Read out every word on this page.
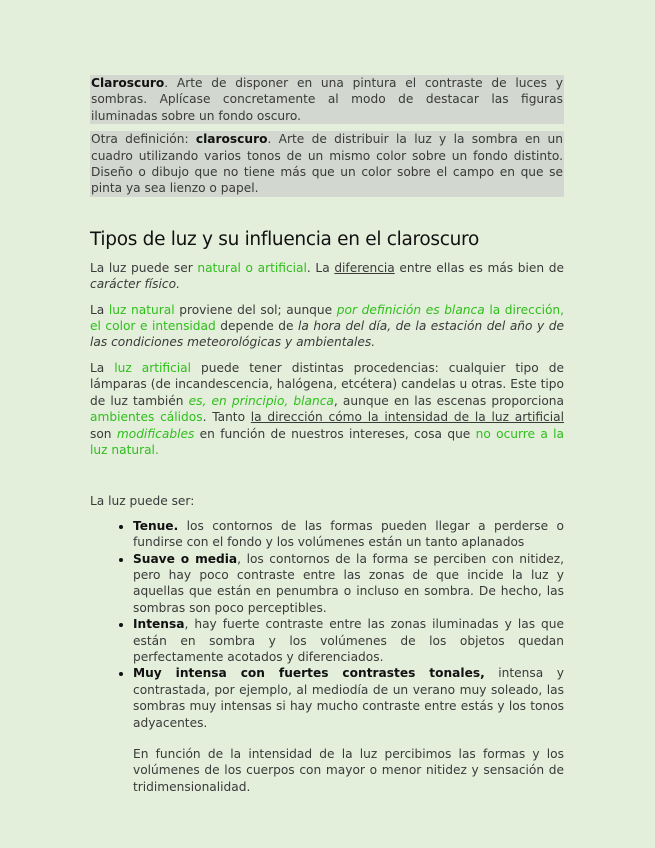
Claroscuro. Arte de disponer en una pintura el contraste de luces y sombras. Aplícase concretamente al modo de destacar las figuras iluminadas sobre un fondo oscuro.

Otra definición: claroscuro. Arte de distribuir la luz y la sombra en un cuadro utilizando varios tonos de un mismo color sobre un fondo distinto. Diseño o dibujo que no tiene más que un color sobre el campo en que se pinta ya sea lienzo o papel.

Tipos de luz y su influencia en el claroscuro

La luz puede ser natural o artificial. La diferencia entre ellas es más bien de carácter físico.

La luz natural proviene del sol; aunque por definición es blanca la dirección, el color e intensidad depende de la hora del día, de la estación del año y de las condiciones meteorológicas y ambientales.

La luz artificial puede tener distintas procedencias: cualquier tipo de lámparas (de incandescencia, halógena, etcétera) candelas u otras. Este tipo de luz también es, en principio, blanca, aunque en las escenas proporciona ambientes cálidos. Tanto la dirección cómo la intensidad de la luz artificial son modificables en función de nuestros intereses, cosa que no ocurre a la luz natural.

La luz puede ser:

• Tenue. los contornos de las formas pueden llegar a perderse o fundirse con el fondo y los volúmenes están un tanto aplanados
• Suave o media, los contornos de la forma se perciben con nitidez, pero hay poco contraste entre las zonas de que incide la luz y aquellas que están en penumbra o incluso en sombra. De hecho, las sombras son poco perceptibles.
• Intensa, hay fuerte contraste entre las zonas iluminadas y las que están en sombra y los volúmenes de los objetos quedan perfectamente acotados y diferenciados.
• Muy intensa con fuertes contrastes tonales, intensa y contrastada, por ejemplo, al mediodía de un verano muy soleado, las sombras muy intensas si hay mucho contraste entre estás y los tonos adyacentes.

En función de la intensidad de la luz percibimos las formas y los volúmenes de los cuerpos con mayor o menor nitidez y sensación de tridimensionalidad.
